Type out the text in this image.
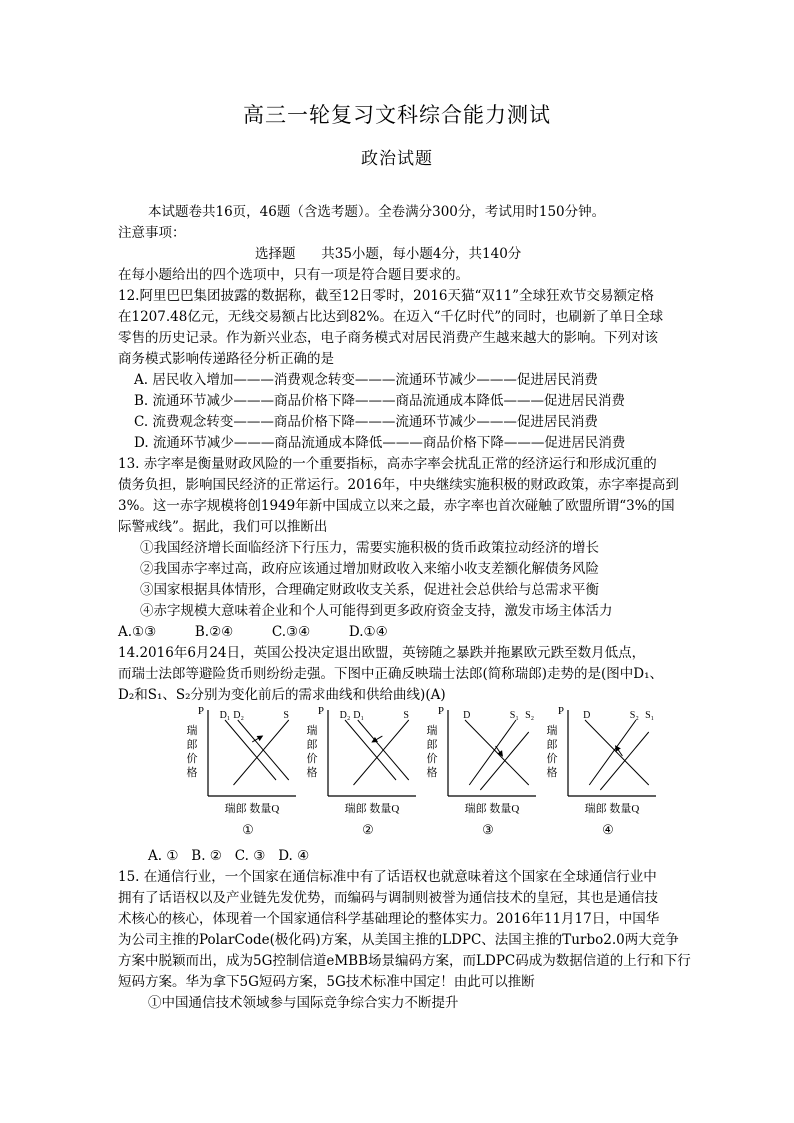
高三一轮复习文科综合能力测试
政治试题
本试题卷共16页，46题（含选考题）。全卷满分300分，考试用时150分钟。
注意事项：
选择题      共35小题，每小题4分，共140分
在每小题给出的四个选项中，只有一项是符合题目要求的。
12.阿里巴巴集团披露的数据称，截至12日零时，2016天猫“双11”全球狂欢节交易额定格
在1207.48亿元，无线交易额占比达到82%。在迈入“千亿时代”的同时，也刷新了单日全球
零售的历史记录。作为新兴业态，电子商务模式对居民消费产生越来越大的影响。下列对该
商务模式影响传递路径分析正确的是
A. 居民收入增加———消费观念转变———流通环节减少———促进居民消费
B. 流通环节减少———商品价格下降———商品流通成本降低———促进居民消费
C. 流费观念转变———商品价格下降———流通环节减少———促进居民消费
D. 流通环节减少———商品流通成本降低———商品价格下降———促进居民消费
13. 赤字率是衡量财政风险的一个重要指标，高赤字率会扰乱正常的经济运行和形成沉重的
债务负担，影响国民经济的正常运行。2016年，中央继续实施积极的财政政策，赤字率提高到
3%。这一赤字规模将创1949年新中国成立以来之最，赤字率也首次碰触了欧盟所谓“3%的国
际警戒线”。据此，我们可以推断出
①我国经济增长面临经济下行压力，需要实施积极的货币政策拉动经济的增长
②我国赤字率过高，政府应该通过增加财政收入来缩小收支差额化解债务风险
③国家根据具体情形，合理确定财政收支关系，促进社会总供给与总需求平衡
④赤字规模大意味着企业和个人可能得到更多政府资金支持，激发市场主体活力
A.①③         B.②④         C.③④         D.①④
14.2016年6月24日，英国公投决定退出欧盟，英镑随之暴跌并拖累欧元跌至数月低点，
而瑞士法郎等避险货币则纷纷走强。下图中正确反映瑞士法郎(简称瑞郎)走势的是(图中D₁、
D₂和S₁、S₂分别为变化前后的需求曲线和供给曲线)(A)
P D₁ D₂	S
瑞
郎
价
格
瑞郎 数量Q
①
P D₂ D₁	S
瑞
郎
价
格
瑞郎 数量Q
②
P D	S₁ S₂
瑞
郎
价
格
瑞郎 数量Q
③
P D	S₂ S₁
瑞
郎
价
格
瑞郎 数量Q
④
A. ①   B. ②   C. ③   D. ④
15. 在通信行业，一个国家在通信标准中有了话语权也就意味着这个国家在全球通信行业中
拥有了话语权以及产业链先发优势，而编码与调制则被誉为通信技术的皇冠，其也是通信技
术核心的核心，体现着一个国家通信科学基础理论的整体实力。2016年11月17日，中国华
为公司主推的PolarCode(极化码)方案，从美国主推的LDPC、法国主推的Turbo2.0两大竞争
方案中脱颖而出，成为5G控制信道eMBB场景编码方案，而LDPC码成为数据信道的上行和下行
短码方案。华为拿下5G短码方案，5G技术标准中国定！由此可以推断
①中国通信技术领域参与国际竞争综合实力不断提升
